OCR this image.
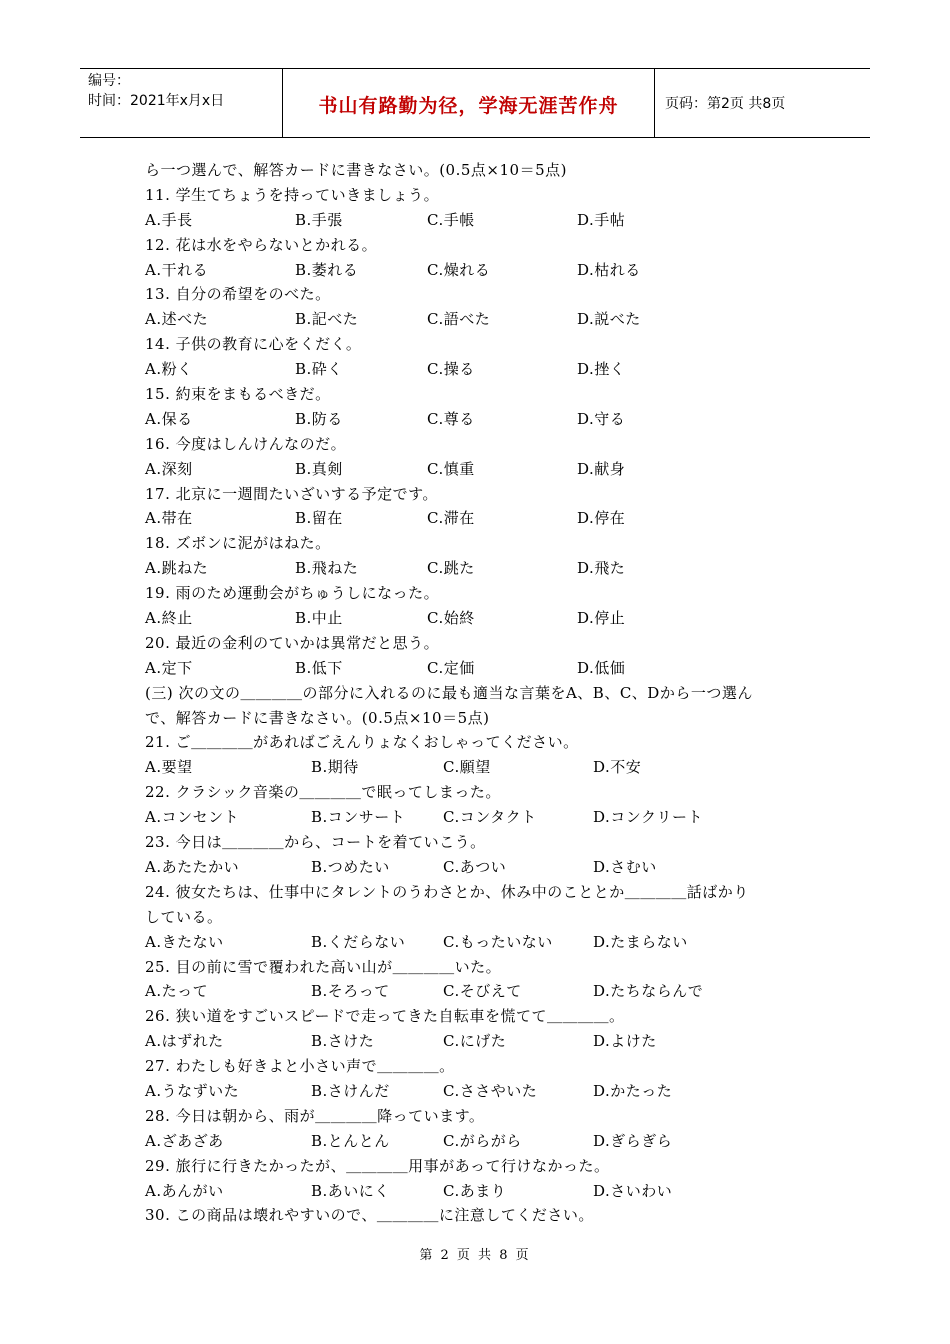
编号：
时间：2021年x月x日	书山有路勤为径，学海无涯苦作舟	页码：第2页 共8页
ら一つ選んで、解答カードに書きなさい。(0.5点×10＝5点)
11. 学生てちょうを持っていきましょう。
A.手長	B.手張	C.手帳	D.手帖
12. 花は水をやらないとかれる。
A.干れる	B.萎れる	C.燥れる	D.枯れる
13. 自分の希望をのべた。
A.述べた	B.記べた	C.語べた	D.説べた
14. 子供の教育に心をくだく。
A.粉く	B.砕く	C.操る	D.挫く
15. 約束をまもるべきだ。
A.保る	B.防る	C.尊る	D.守る
16. 今度はしんけんなのだ。
A.深刻	B.真剣	C.慎重	D.献身
17. 北京に一週間たいざいする予定です。
A.帯在	B.留在	C.滞在	D.停在
18. ズボンに泥がはねた。
A.跳ねた	B.飛ねた	C.跳た	D.飛た
19. 雨のため運動会がちゅうしになった。
A.終止	B.中止	C.始終	D.停止
20. 最近の金利のていかは異常だと思う。
A.定下	B.低下	C.定価	D.低価
(三) 次の文の＿＿＿＿の部分に入れるのに最も適当な言葉をA、B、C、Dから一つ選ん
で、解答カードに書きなさい。(0.5点×10＝5点)
21. ご＿＿＿＿があればごえんりょなくおしゃってください。
A.要望	B.期待	C.願望	D.不安
22. クラシック音楽の＿＿＿＿で眠ってしまった。
A.コンセント	B.コンサート	C.コンタクト	D.コンクリート
23. 今日は＿＿＿＿から、コートを着ていこう。
A.あたたかい	B.つめたい	C.あつい	D.さむい
24. 彼女たちは、仕事中にタレントのうわさとか、休み中のこととか＿＿＿＿話ばかり
している。
A.きたない	B.くだらない	C.もったいない	D.たまらない
25. 目の前に雪で覆われた高い山が＿＿＿＿いた。
A.たって	B.そろって	C.そびえて	D.たちならんで
26. 狭い道をすごいスピードで走ってきた自転車を慌てて＿＿＿＿。
A.はずれた	B.さけた	C.にげた	D.よけた
27. わたしも好きよと小さい声で＿＿＿＿。
A.うなずいた	B.さけんだ	C.ささやいた	D.かたった
28. 今日は朝から、雨が＿＿＿＿降っています。
A.ざあざあ	B.とんとん	C.がらがら	D.ぎらぎら
29. 旅行に行きたかったが、＿＿＿＿用事があって行けなかった。
A.あんがい	B.あいにく	C.あまり	D.さいわい
30. この商品は壊れやすいので、＿＿＿＿に注意してください。
第 2 页 共 8 页
